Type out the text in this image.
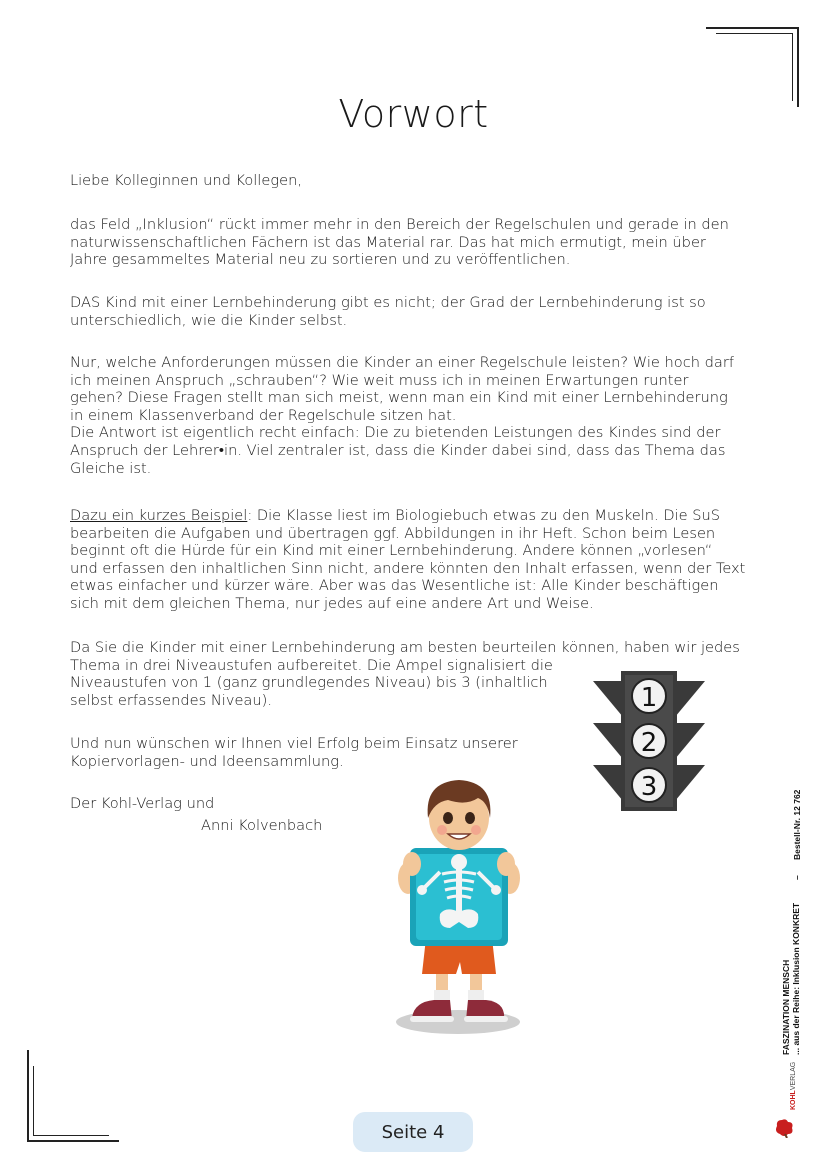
Vorwort

Liebe Kolleginnen und Kollegen,

das Feld „Inklusion“ rückt immer mehr in den Bereich der Regelschulen und gerade in den
naturwissenschaftlichen Fächern ist das Material rar. Das hat mich ermutigt, mein über
Jahre gesammeltes Material neu zu sortieren und zu veröffentlichen.
DAS Kind mit einer Lernbehinderung gibt es nicht; der Grad der Lernbehinderung ist so
unterschiedlich, wie die Kinder selbst.
Nur, welche Anforderungen müssen die Kinder an einer Regelschule leisten? Wie hoch darf
ich meinen Anspruch „schrauben“? Wie weit muss ich in meinen Erwartungen runter
gehen? Diese Fragen stellt man sich meist, wenn man ein Kind mit einer Lernbehinderung
in einem Klassenverband der Regelschule sitzen hat.
Die Antwort ist eigentlich recht einfach: Die zu bietenden Leistungen des Kindes sind der
Anspruch der Lehrer•in. Viel zentraler ist, dass die Kinder dabei sind, dass das Thema das
Gleiche ist.
Dazu ein kurzes Beispiel: Die Klasse liest im Biologiebuch etwas zu den Muskeln. Die SuS
bearbeiten die Aufgaben und übertragen ggf. Abbildungen in ihr Heft. Schon beim Lesen
beginnt oft die Hürde für ein Kind mit einer Lernbehinderung. Andere können „vorlesen“
und erfassen den inhaltlichen Sinn nicht, andere könnten den Inhalt erfassen, wenn der Text
etwas einfacher und kürzer wäre. Aber was das Wesentliche ist: Alle Kinder beschäftigen
sich mit dem gleichen Thema, nur jedes auf eine andere Art und Weise.
Da Sie die Kinder mit einer Lernbehinderung am besten beurteilen können, haben wir jedes
Thema in drei Niveaustufen aufbereitet. Die Ampel signalisiert die
Niveaustufen von 1 (ganz grundlegendes Niveau) bis 3 (inhaltlich
selbst erfassendes Niveau).
Und nun wünschen wir Ihnen viel Erfolg beim Einsatz unserer
Kopiervorlagen- und Ideensammlung.

Der Kohl-Verlag und

Anni Kolvenbach

1
2
3
FASZINATION MENSCH ... aus der Reihe: Inklusion KONKRET
Bestell-Nr. 12 762
–
KOHLVERLAG
Seite 4
